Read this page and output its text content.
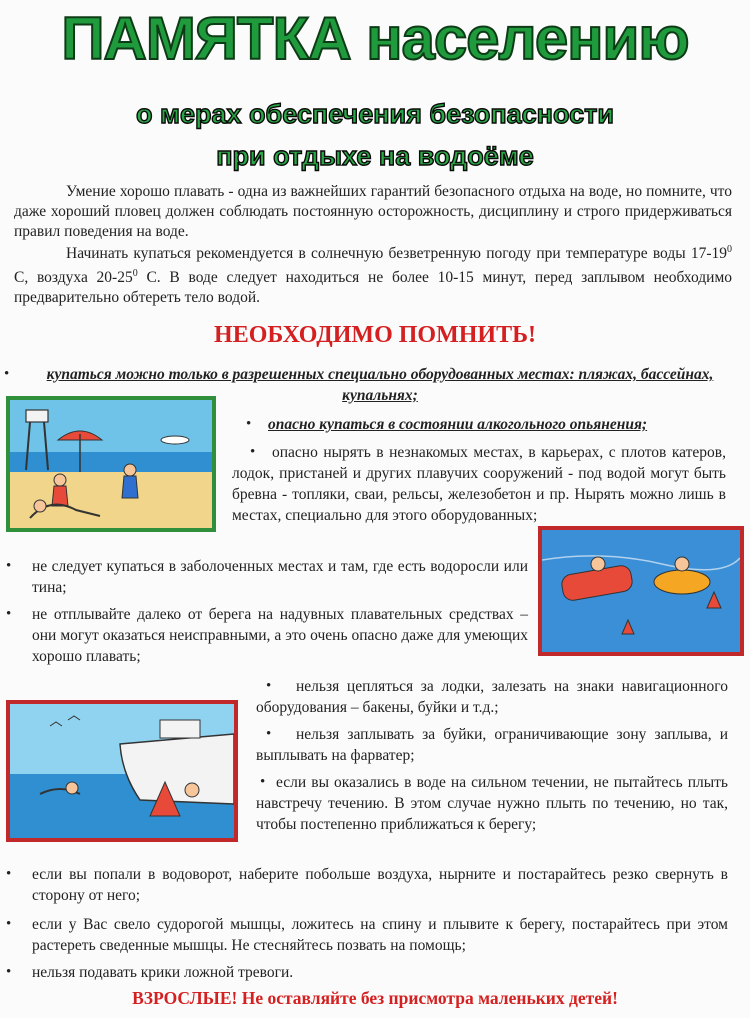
ПАМЯТКА населению
о мерах обеспечения безопасности
при отдыхе на водоёме

Умение хорошо плавать - одна из важнейших гарантий безопасного отдыха на воде, но помните, что даже хороший пловец должен соблюдать постоянную осторожность, дисциплину и строго придерживаться правил поведения на воде.

Начинать купаться рекомендуется в солнечную безветренную погоду при температуре воды $17-19^0$ С, воздуха $20-25^0$ С. В воде следует находиться не более 10-15 минут, перед заплывом необходимо предварительно обтереть тело водой.

НЕОБХОДИМО ПОМНИТЬ!
• купаться можно только в разрешенных специально оборудованных местах: пляжах, бассейнах, купальнях;
• опасно купаться в состоянии алкогольного опьянения;
• опасно нырять в незнакомых местах, в карьерах, с плотов катеров, лодок, пристаней и других плавучих сооружений - под водой могут быть бревна - топляки, сваи, рельсы, железобетон и пр. Нырять можно лишь в местах, специально для этого оборудованных;
• не следует купаться в заболоченных местах и там, где есть водоросли или тина;
• не отплывайте далеко от берега на надувных плавательных средствах – они могут оказаться неисправными, а это очень опасно даже для умеющих хорошо плавать;
• нельзя цепляться за лодки, залезать на знаки навигационного оборудования – бакены, буйки и т.д.;
• нельзя заплывать за буйки, ограничивающие зону заплыва, и выплывать на фарватер;
• если вы оказались в воде на сильном течении, не пытайтесь плыть навстречу течению. В этом случае нужно плыть по течению, но так, чтобы постепенно приближаться к берегу;
• если вы попали в водоворот, наберите побольше воздуха, нырните и постарайтесь резко свернуть в сторону от него;
• если у Вас свело судорогой мышцы, ложитесь на спину и плывите к берегу, постарайтесь при этом растереть сведенные мышцы. Не стесняйтесь позвать на помощь;
• нельзя подавать крики ложной тревоги.
ВЗРОСЛЫЕ! Не оставляйте без присмотра маленьких детей!
